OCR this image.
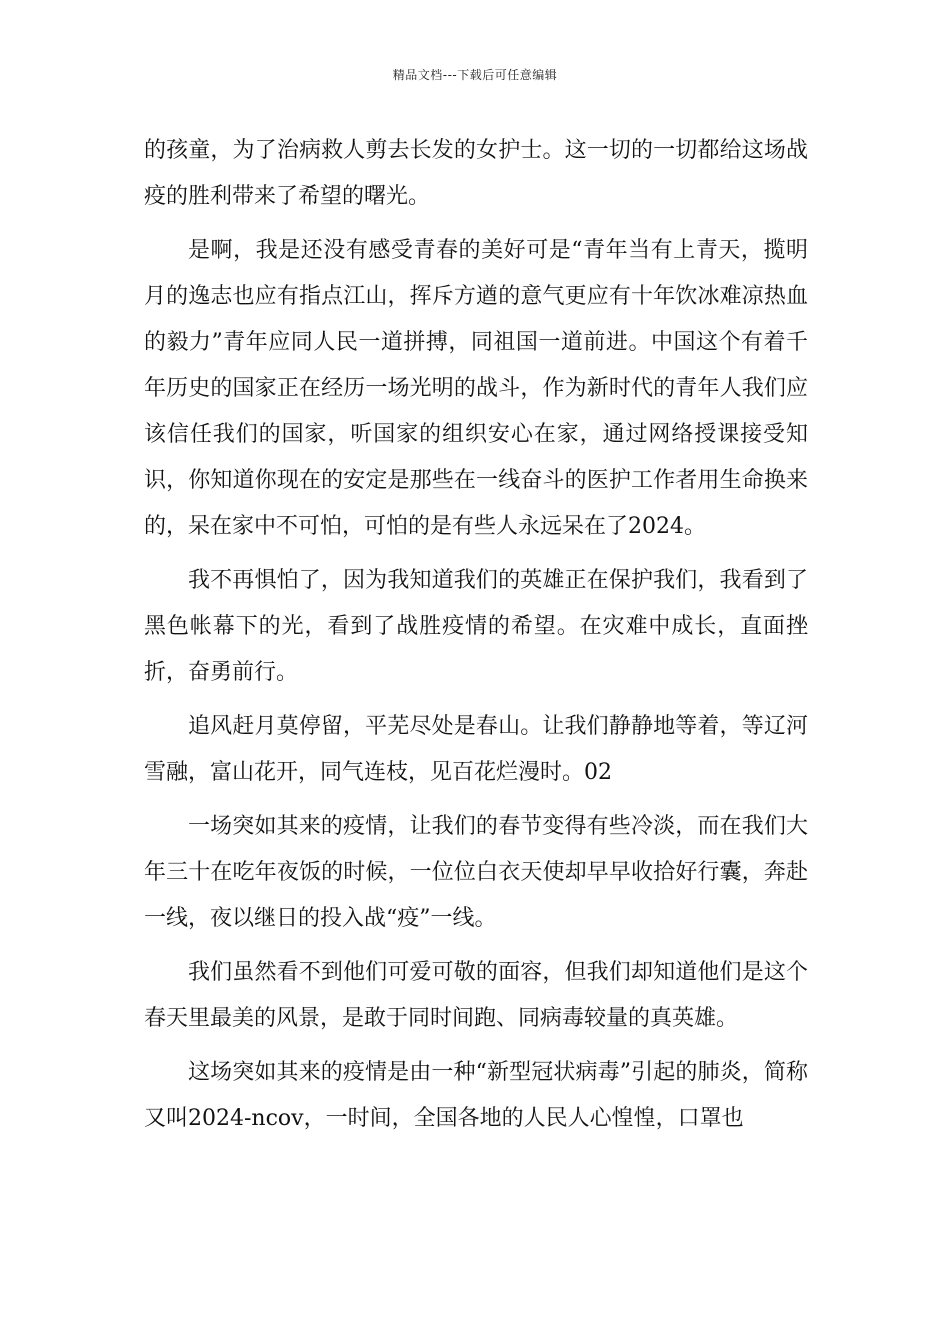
精品文档---下载后可任意编辑

的孩童，为了治病救人剪去长发的女护士。这一切的一切都给这场战疫的胜利带来了希望的曙光。

是啊，我是还没有感受青春的美好可是“青年当有上青天，揽明月的逸志也应有指点江山，挥斥方遒的意气更应有十年饮冰难凉热血的毅力”青年应同人民一道拼搏，同祖国一道前进。中国这个有着千年历史的国家正在经历一场光明的战斗，作为新时代的青年人我们应该信任我们的国家，听国家的组织安心在家，通过网络授课接受知识，你知道你现在的安定是那些在一线奋斗的医护工作者用生命换来的，呆在家中不可怕，可怕的是有些人永远呆在了2024。

我不再惧怕了，因为我知道我们的英雄正在保护我们，我看到了黑色帐幕下的光，看到了战胜疫情的希望。在灾难中成长，直面挫折，奋勇前行。

追风赶月莫停留，平芜尽处是春山。让我们静静地等着，等辽河雪融，富山花开，同气连枝，见百花烂漫时。02

一场突如其来的疫情，让我们的春节变得有些冷淡，而在我们大年三十在吃年夜饭的时候，一位位白衣天使却早早收拾好行囊，奔赴一线，夜以继日的投入战“疫”一线。

我们虽然看不到他们可爱可敬的面容，但我们却知道他们是这个春天里最美的风景，是敢于同时间跑、同病毒较量的真英雄。

这场突如其来的疫情是由一种“新型冠状病毒”引起的肺炎，简称又叫2024-ncov，一时间，全国各地的人民人心惶惶，口罩也
